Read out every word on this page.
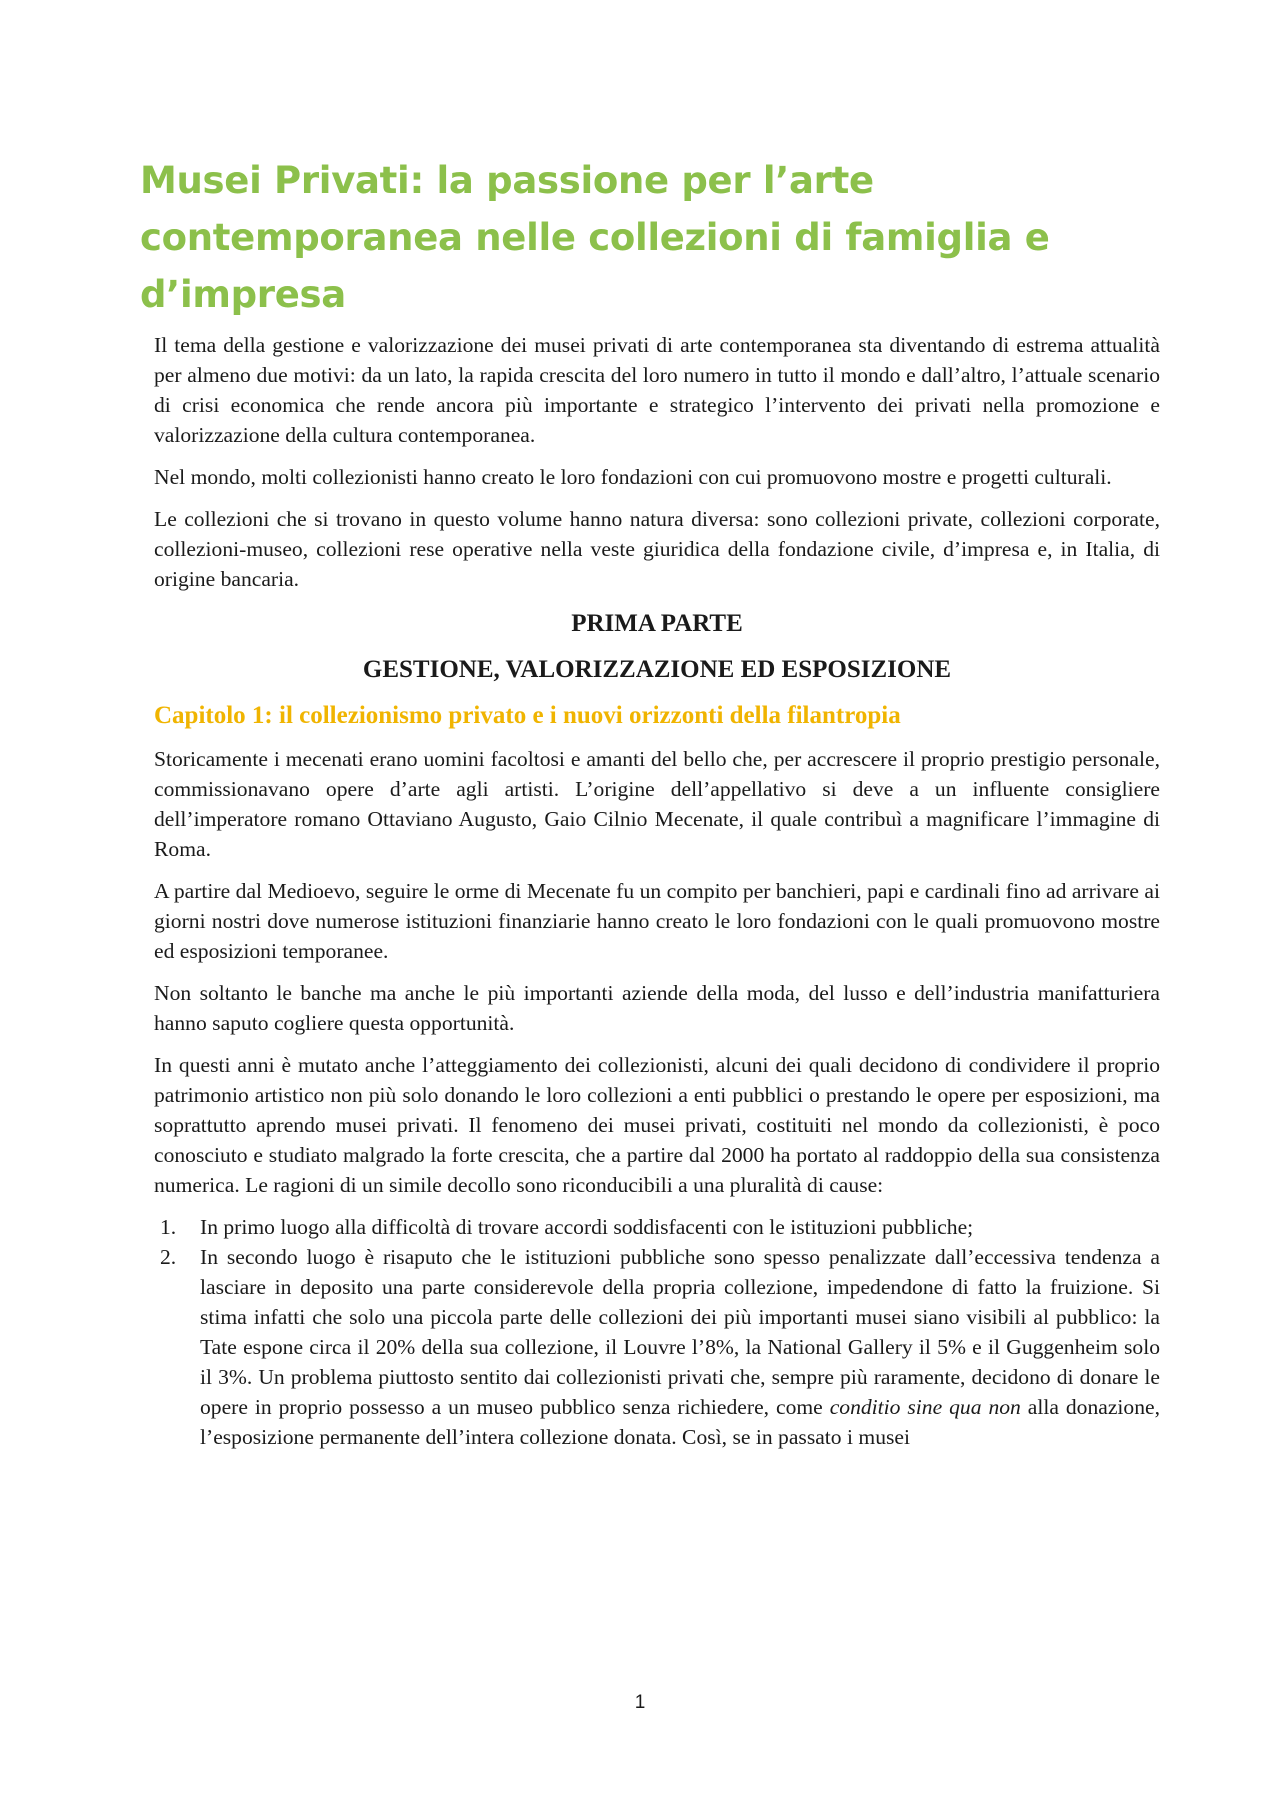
Musei Privati: la passione per l’arte contemporanea nelle collezioni di famiglia e d’impresa

Il tema della gestione e valorizzazione dei musei privati di arte contemporanea sta diventando di estrema attualità per almeno due motivi: da un lato, la rapida crescita del loro numero in tutto il mondo e dall’altro, l’attuale scenario di crisi economica che rende ancora più importante e strategico l’intervento dei privati nella promozione e valorizzazione della cultura contemporanea.

Nel mondo, molti collezionisti hanno creato le loro fondazioni con cui promuovono mostre e progetti culturali.

Le collezioni che si trovano in questo volume hanno natura diversa: sono collezioni private, collezioni corporate, collezioni-museo, collezioni rese operative nella veste giuridica della fondazione civile, d’impresa e, in Italia, di origine bancaria.

PRIMA PARTE
GESTIONE, VALORIZZAZIONE ED ESPOSIZIONE
Capitolo 1: il collezionismo privato e i nuovi orizzonti della filantropia

Storicamente i mecenati erano uomini facoltosi e amanti del bello che, per accrescere il proprio prestigio personale, commissionavano opere d’arte agli artisti. L’origine dell’appellativo si deve a un influente consigliere dell’imperatore romano Ottaviano Augusto, Gaio Cilnio Mecenate, il quale contribuì a magnificare l’immagine di Roma.

A partire dal Medioevo, seguire le orme di Mecenate fu un compito per banchieri, papi e cardinali fino ad arrivare ai giorni nostri dove numerose istituzioni finanziarie hanno creato le loro fondazioni con le quali promuovono mostre ed esposizioni temporanee.

Non soltanto le banche ma anche le più importanti aziende della moda, del lusso e dell’industria manifatturiera hanno saputo cogliere questa opportunità.

In questi anni è mutato anche l’atteggiamento dei collezionisti, alcuni dei quali decidono di condividere il proprio patrimonio artistico non più solo donando le loro collezioni a enti pubblici o prestando le opere per esposizioni, ma soprattutto aprendo musei privati. Il fenomeno dei musei privati, costituiti nel mondo da collezionisti, è poco conosciuto e studiato malgrado la forte crescita, che a partire dal 2000 ha portato al raddoppio della sua consistenza numerica. Le ragioni di un simile decollo sono riconducibili a una pluralità di cause:

1. In primo luogo alla difficoltà di trovare accordi soddisfacenti con le istituzioni pubbliche;
2. In secondo luogo è risaputo che le istituzioni pubbliche sono spesso penalizzate dall’eccessiva tendenza a lasciare in deposito una parte considerevole della propria collezione, impedendone di fatto la fruizione. Si stima infatti che solo una piccola parte delle collezioni dei più importanti musei siano visibili al pubblico: la Tate espone circa il 20% della sua collezione, il Louvre l’8%, la National Gallery il 5% e il Guggenheim solo il 3%. Un problema piuttosto sentito dai collezionisti privati che, sempre più raramente, decidono di donare le opere in proprio possesso a un museo pubblico senza richiedere, come conditio sine qua non alla donazione, l’esposizione permanente dell’intera collezione donata. Così, se in passato i musei
1
